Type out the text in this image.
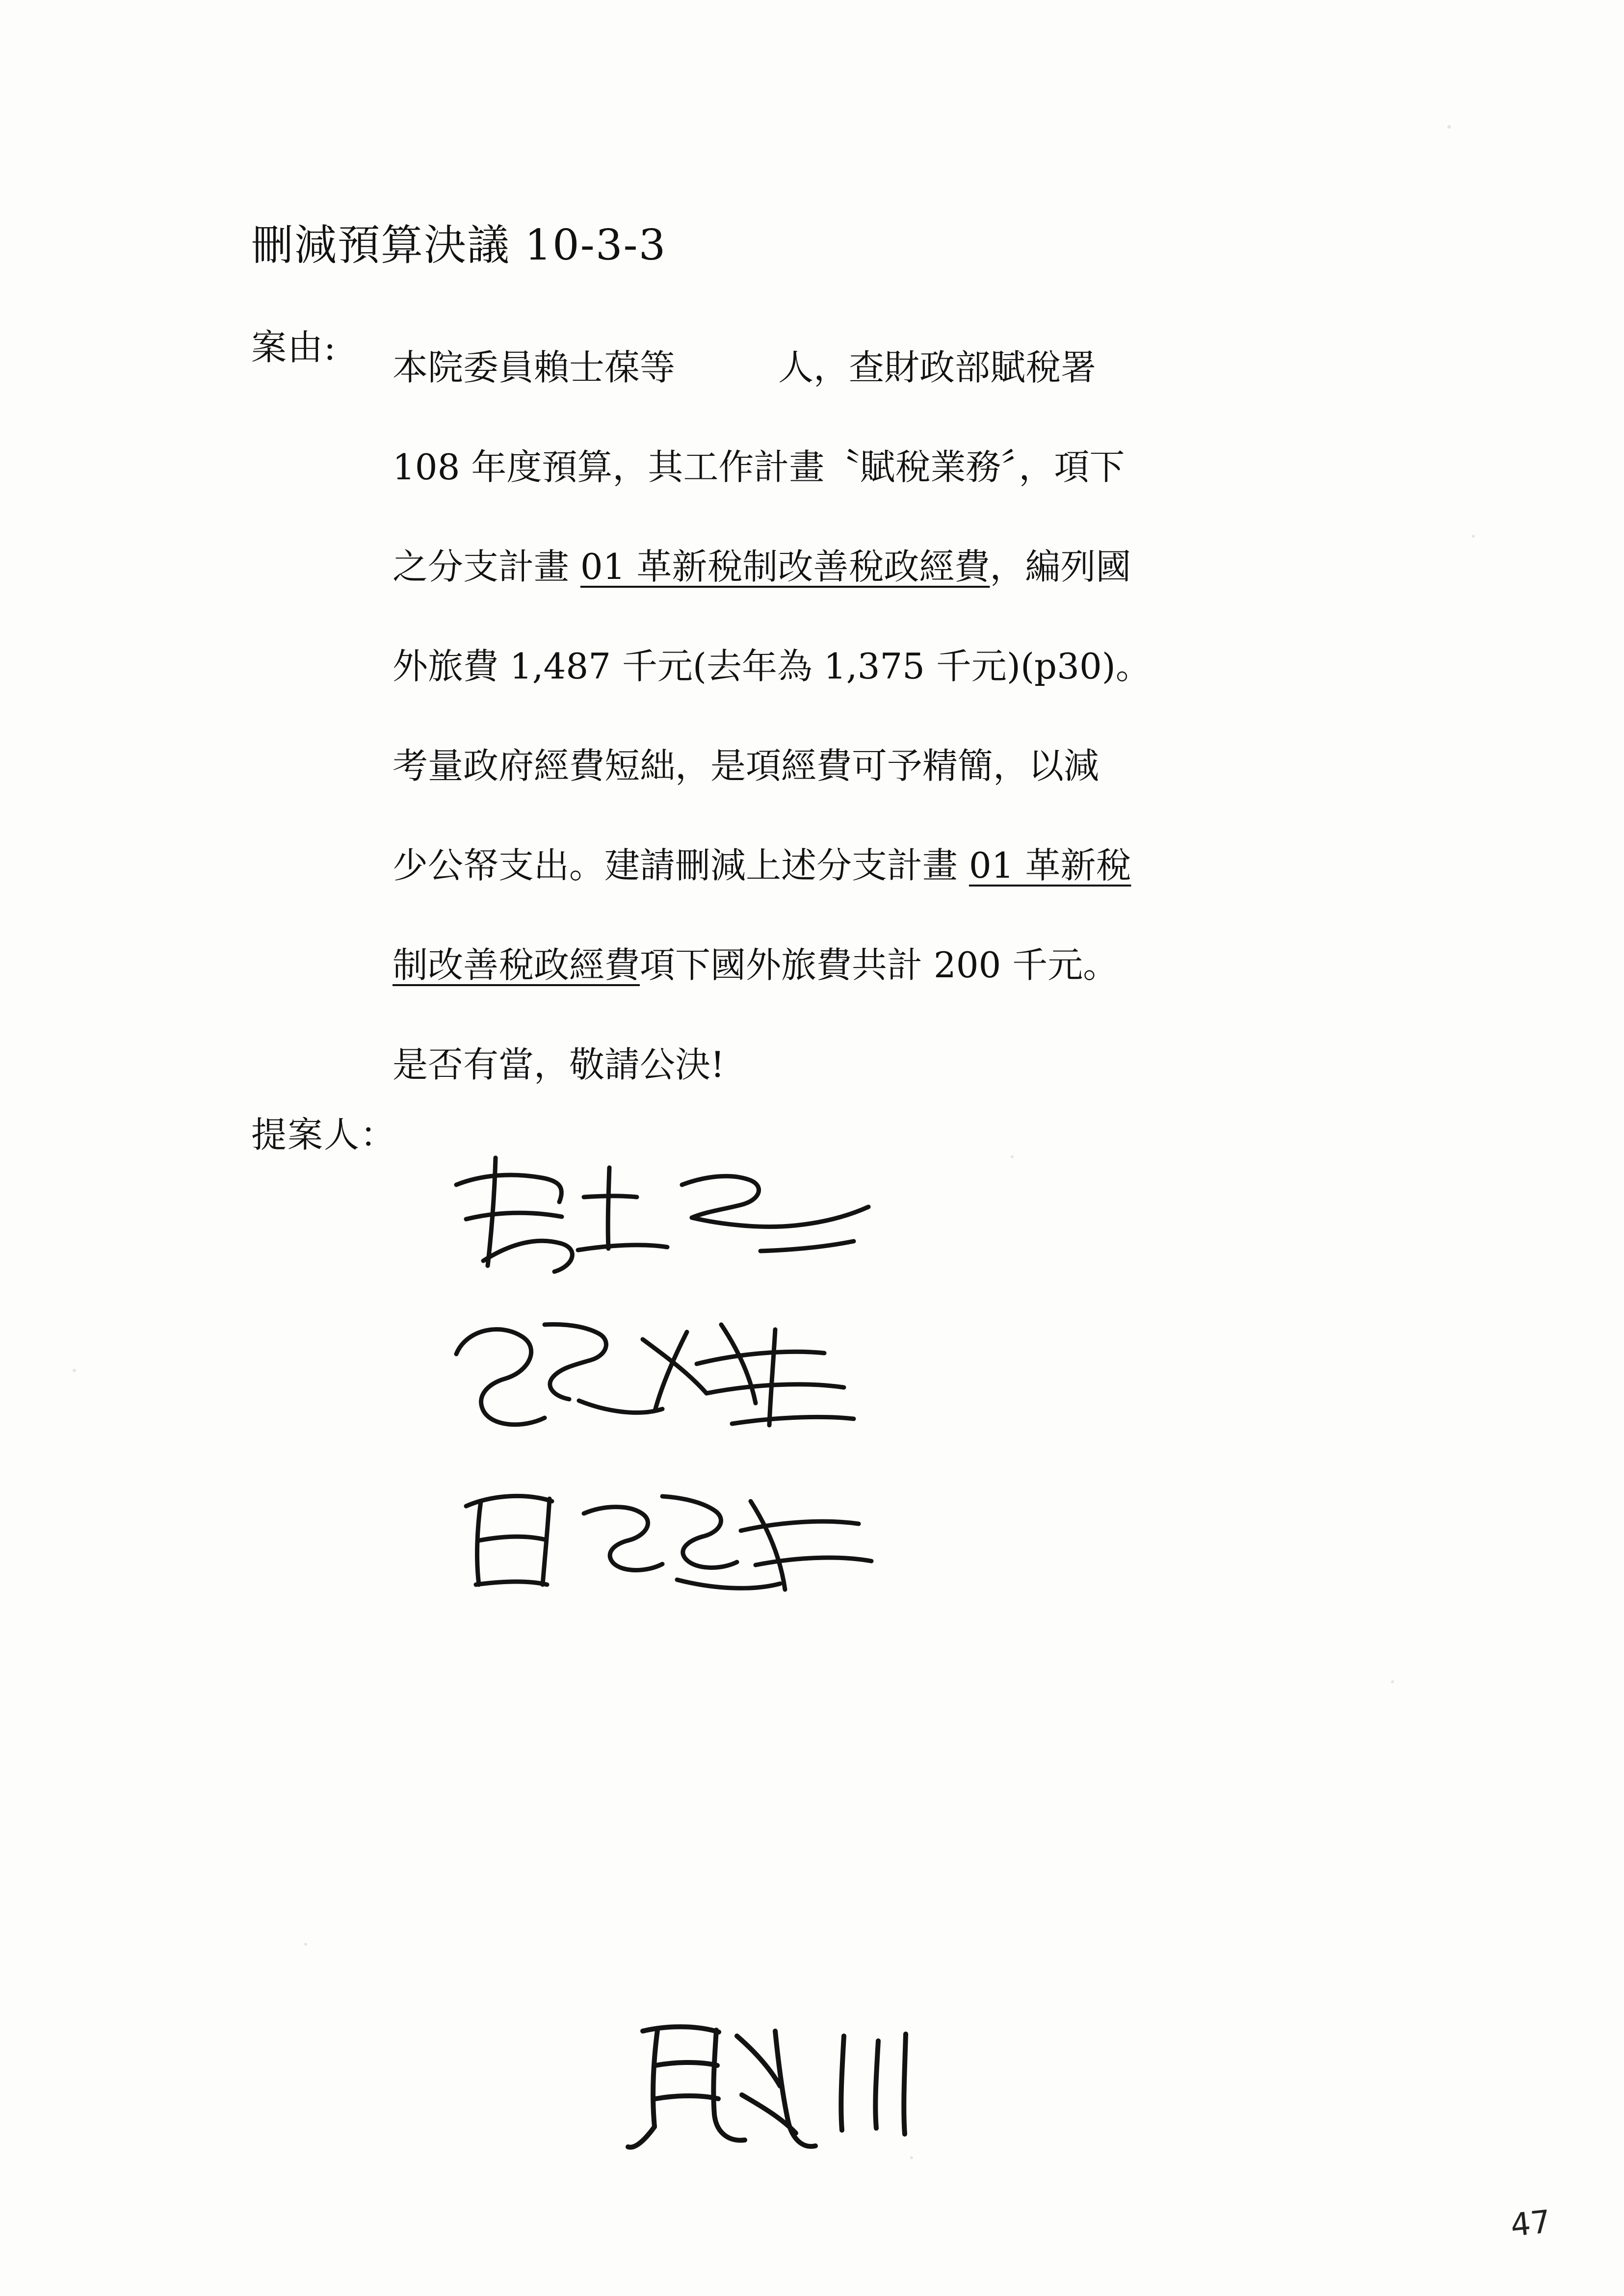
刪減預算決議 10-3-3
案由: 本院委員賴士葆等	人，查財政部賦稅署
108 年度預算，其工作計畫〝賦稅業務〞，項下
之分支計畫 01 革新稅制改善稅政經費，編列國
外旅費 1,487 千元(去年為 1,375 千元)(p30)。
考量政府經費短絀，是項經費可予精簡，以減
少公帑支出。建請刪減上述分支計畫 01 革新稅
制改善稅政經費項下國外旅費共計 200 千元。
是否有當，敬請公決!
提案人：
47
